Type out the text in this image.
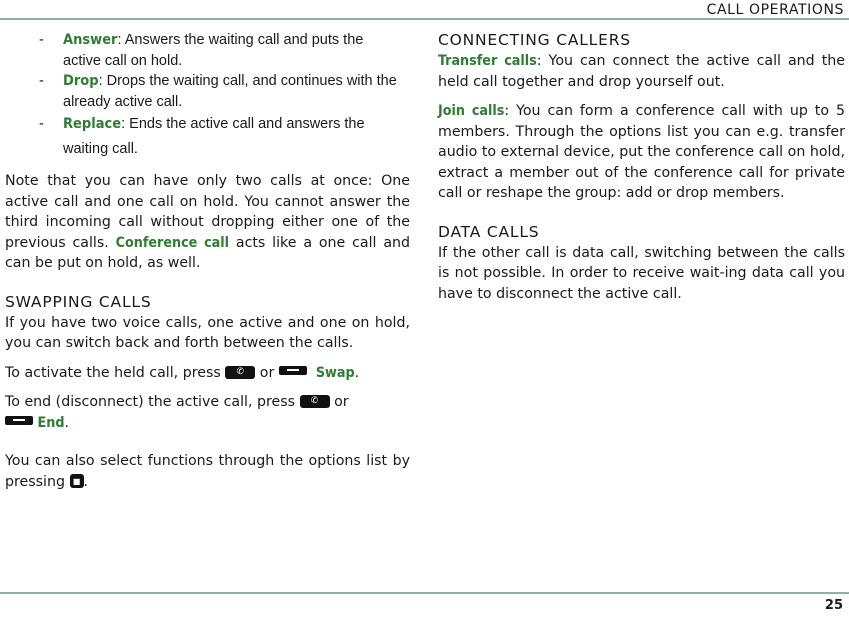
CALL OPERATIONS
- Answer: Answers the waiting call and puts the active call on hold.
- Drop: Drops the waiting call, and continues with the already active call.
- Replace: Ends the active call and answers the waiting call.

Note that you can have only two calls at once: One active call and one call on hold. You cannot answer the third incoming call without dropping either one of the previous calls. Conference call acts like a one call and can be put on hold, as well.

SWAPPING CALLS

If you have two voice calls, one active and one on hold, you can switch back and forth between the calls.

To activate the held call, press	✆	or	Swap.

To end (disconnect) the active call, press	✆	or

End.

You can also select functions through the options list by pressing ■ .

CONNECTING CALLERS

Transfer calls: You can connect the active call and the held call together and drop yourself out.

Join calls: You can form a conference call with up to 5 members. Through the options list you can e.g. transfer audio to external device, put the conference call on hold, extract a member out of the conference call for private call or reshape the group: add or drop members.

DATA CALLS

If the other call is data call, switching between the calls is not possible. In order to receive wait-ing data call you have to disconnect the active call.

25
